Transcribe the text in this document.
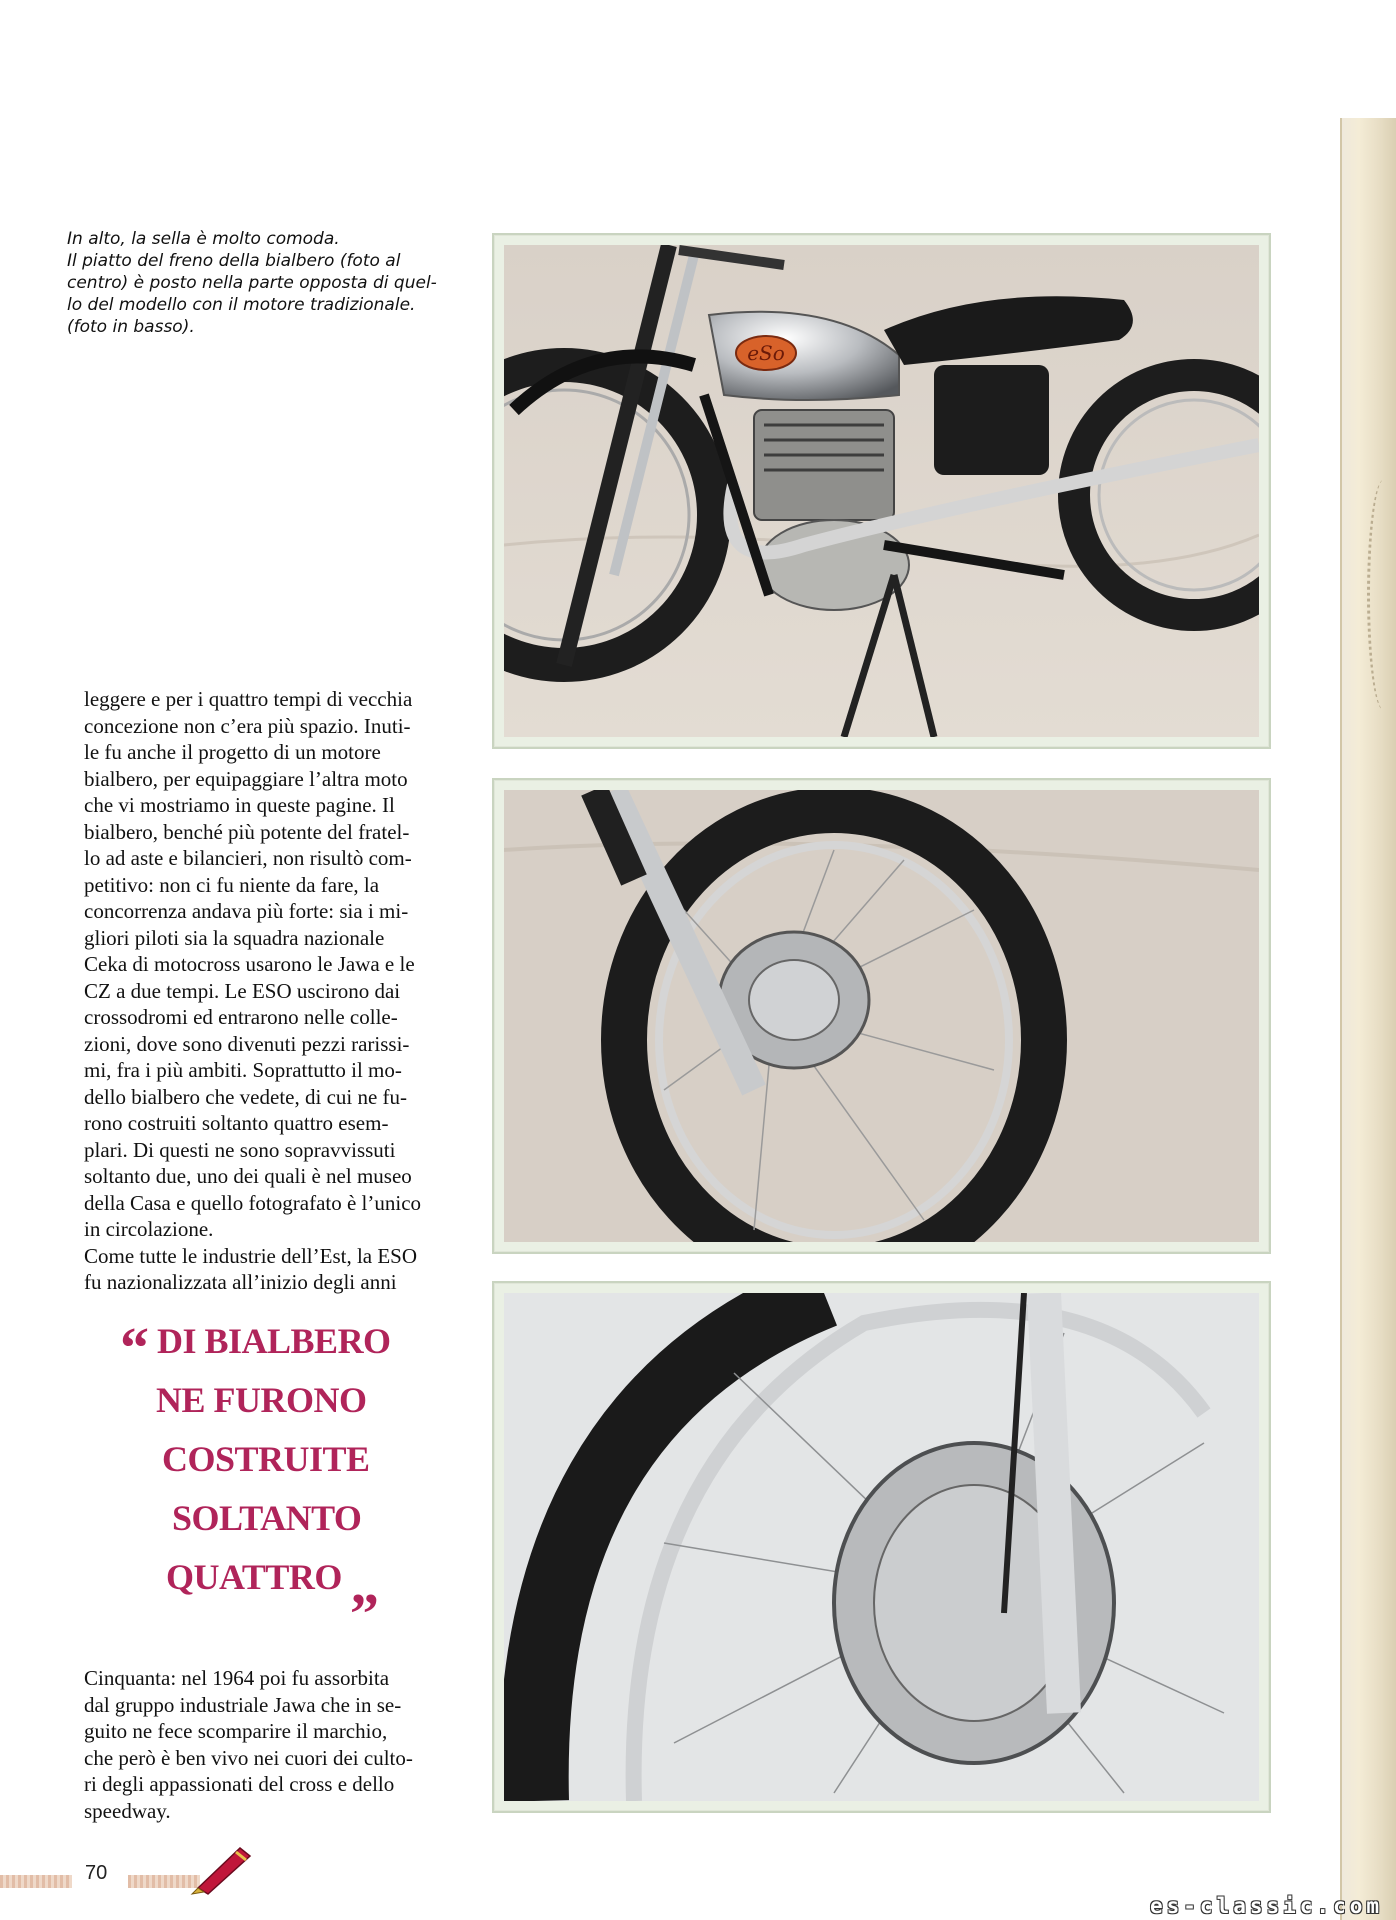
In alto, la sella è molto comoda.
Il piatto del freno della bialbero (foto al
centro) è posto nella parte opposta di quel-
lo del modello con il motore tradizionale.
(foto in basso).
eSo
leggere e per i quattro tempi di vecchia
concezione non c’era più spazio. Inuti-
le fu anche il progetto di un motore
bialbero, per equipaggiare l’altra moto
che vi mostriamo in queste pagine. Il
bialbero, benché più potente del fratel-
lo ad aste e bilancieri, non risultò com-
petitivo: non ci fu niente da fare, la
concorrenza andava più forte: sia i mi-
gliori piloti sia la squadra nazionale
Ceka di motocross usarono le Jawa e le
CZ a due tempi. Le ESO uscirono dai
crossodromi ed entrarono nelle colle-
zioni, dove sono divenuti pezzi rarissi-
mi, fra i più ambiti. Soprattutto il mo-
dello bialbero che vedete, di cui ne fu-
rono costruiti soltanto quattro esem-
plari. Di questi ne sono sopravvissuti
soltanto due, uno dei quali è nel museo
della Casa e quello fotografato è l’unico
in circolazione.
Come tutte le industrie dell’Est, la ESO
fu nazionalizzata all’inizio degli anni
“ DI BIALBERO
NE FURONO
COSTRUITE
SOLTANTO
QUATTRO „
Cinquanta: nel 1964 poi fu assorbita
dal gruppo industriale Jawa che in se-
guito ne fece scomparire il marchio,
che però è ben vivo nei cuori dei culto-
ri degli appassionati del cross e dello
speedway.
70
es-classic.com
